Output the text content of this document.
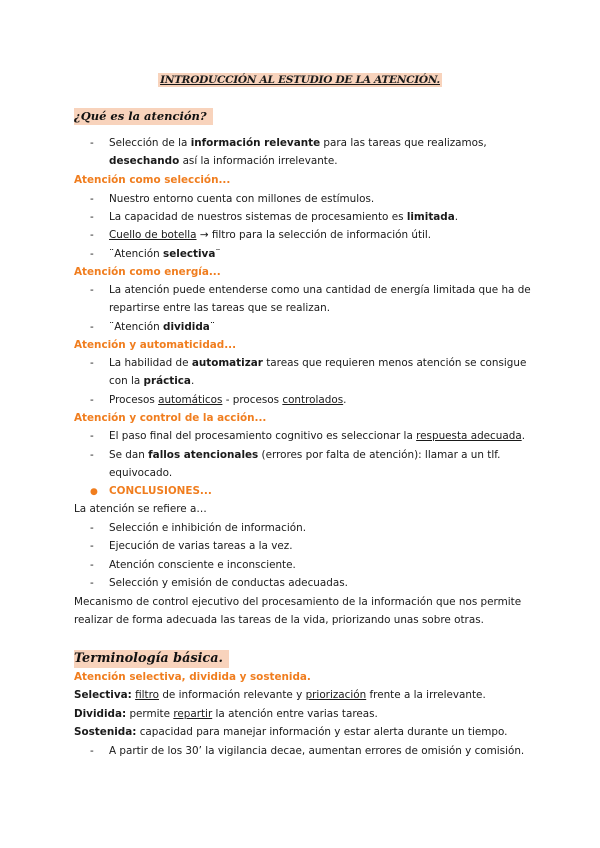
INTRODUCCIÓN AL ESTUDIO DE LA ATENCIÓN.
¿Qué es la atención?
- Selección de la información relevante para las tareas que realizamos,
desechando así la información irrelevante.
Atención como selección...
- Nuestro entorno cuenta con millones de estímulos.
- La capacidad de nuestros sistemas de procesamiento es limitada.
- Cuello de botella → filtro para la selección de información útil.
- ¨Atención selectiva¨
Atención como energía...
- La atención puede entenderse como una cantidad de energía limitada que ha de
repartirse entre las tareas que se realizan.
- ¨Atención dividida¨
Atención y automaticidad...
- La habilidad de automatizar tareas que requieren menos atención se consigue
con la práctica.
- Procesos automáticos - procesos controlados.
Atención y control de la acción...
- El paso final del procesamiento cognitivo es seleccionar la respuesta adecuada.
- Se dan fallos atencionales (errores por falta de atención): llamar a un tlf.
equivocado.
● CONCLUSIONES...
La atención se refiere a…
- Selección e inhibición de información.
- Ejecución de varias tareas a la vez.
- Atención consciente e inconsciente.
- Selección y emisión de conductas adecuadas.
Mecanismo de control ejecutivo del procesamiento de la información que nos permite
realizar de forma adecuada las tareas de la vida, priorizando unas sobre otras.
Terminología básica.
Atención selectiva, dividida y sostenida.
Selectiva: filtro de información relevante y priorización frente a la irrelevante.
Dividida: permite repartir la atención entre varias tareas.
Sostenida: capacidad para manejar información y estar alerta durante un tiempo.
- A partir de los 30’ la vigilancia decae, aumentan errores de omisión y comisión.
